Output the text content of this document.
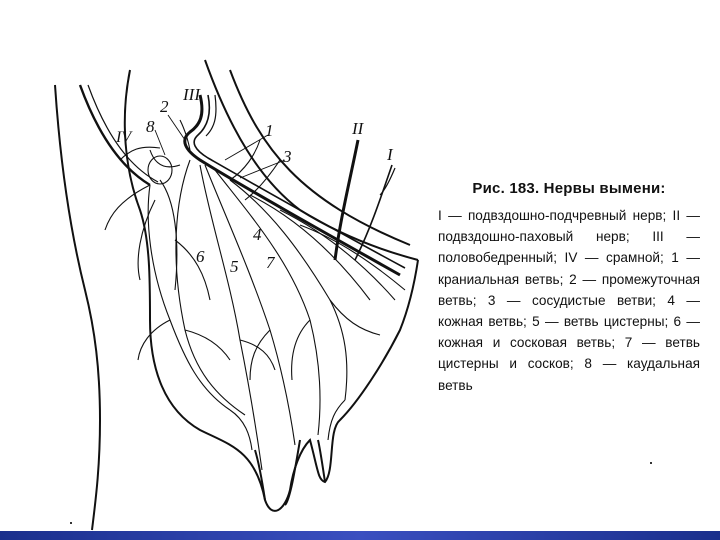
III
II
I
IV
2
8	1
3
4
5
6	7
Рис. 183. Нервы вымени:
I — подвздошно-подчревный нерв; II — подвздошно-паховый нерв; III — половобедренный; IV — срамной; 1 — краниальная ветвь; 2 — промежуточная ветвь; 3 — сосудистые ветви; 4 — кожная ветвь; 5 — ветвь цистерны; 6 — кожная и сосковая ветвь; 7 — ветвь цистерны и сосков; 8 — каудальная ветвь
